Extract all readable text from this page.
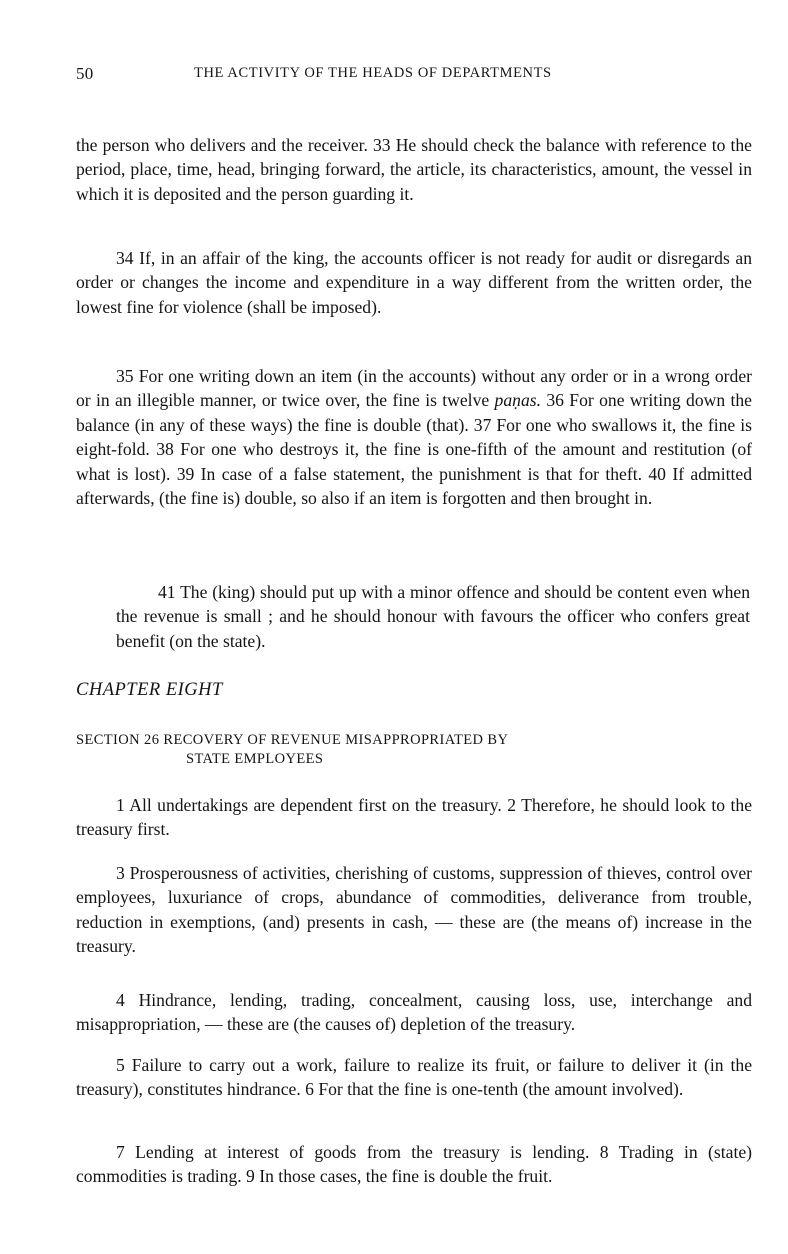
50	THE ACTIVITY OF THE HEADS OF DEPARTMENTS

the person who delivers and the receiver. 33 He should check the balance with reference to the period, place, time, head, bringing forward, the article, its characteristics, amount, the vessel in which it is deposited and the person guarding it.

34 If, in an affair of the king, the accounts officer is not ready for audit or disregards an order or changes the income and expenditure in a way different from the written order, the lowest fine for violence (shall be imposed).

35 For one writing down an item (in the accounts) without any order or in a wrong order or in an illegible manner, or twice over, the fine is twelve paṇas. 36 For one writing down the balance (in any of these ways) the fine is double (that). 37 For one who swallows it, the fine is eight-fold. 38 For one who destroys it, the fine is one-fifth of the amount and restitution (of what is lost). 39 In case of a false statement, the punishment is that for theft. 40 If admitted afterwards, (the fine is) double, so also if an item is forgotten and then brought in.

41 The (king) should put up with a minor offence and should be content even when the revenue is small ; and he should honour with favours the officer who confers great benefit (on the state).

CHAPTER EIGHT
SECTION 26 RECOVERY OF REVENUE MISAPPROPRIATED BY
STATE EMPLOYEES

1 All undertakings are dependent first on the treasury. 2 Therefore, he should look to the treasury first.

3 Prosperousness of activities, cherishing of customs, suppression of thieves, control over employees, luxuriance of crops, abundance of commodities, deliverance from trouble, reduction in exemptions, (and) presents in cash, — these are (the means of) increase in the treasury.

4 Hindrance, lending, trading, concealment, causing loss, use, interchange and misappropriation, — these are (the causes of) depletion of the treasury.

5 Failure to carry out a work, failure to realize its fruit, or failure to deliver it (in the treasury), constitutes hindrance. 6 For that the fine is one-tenth (the amount involved).

7 Lending at interest of goods from the treasury is lending. 8 Trading in (state) commodities is trading. 9 In those cases, the fine is double the fruit.
